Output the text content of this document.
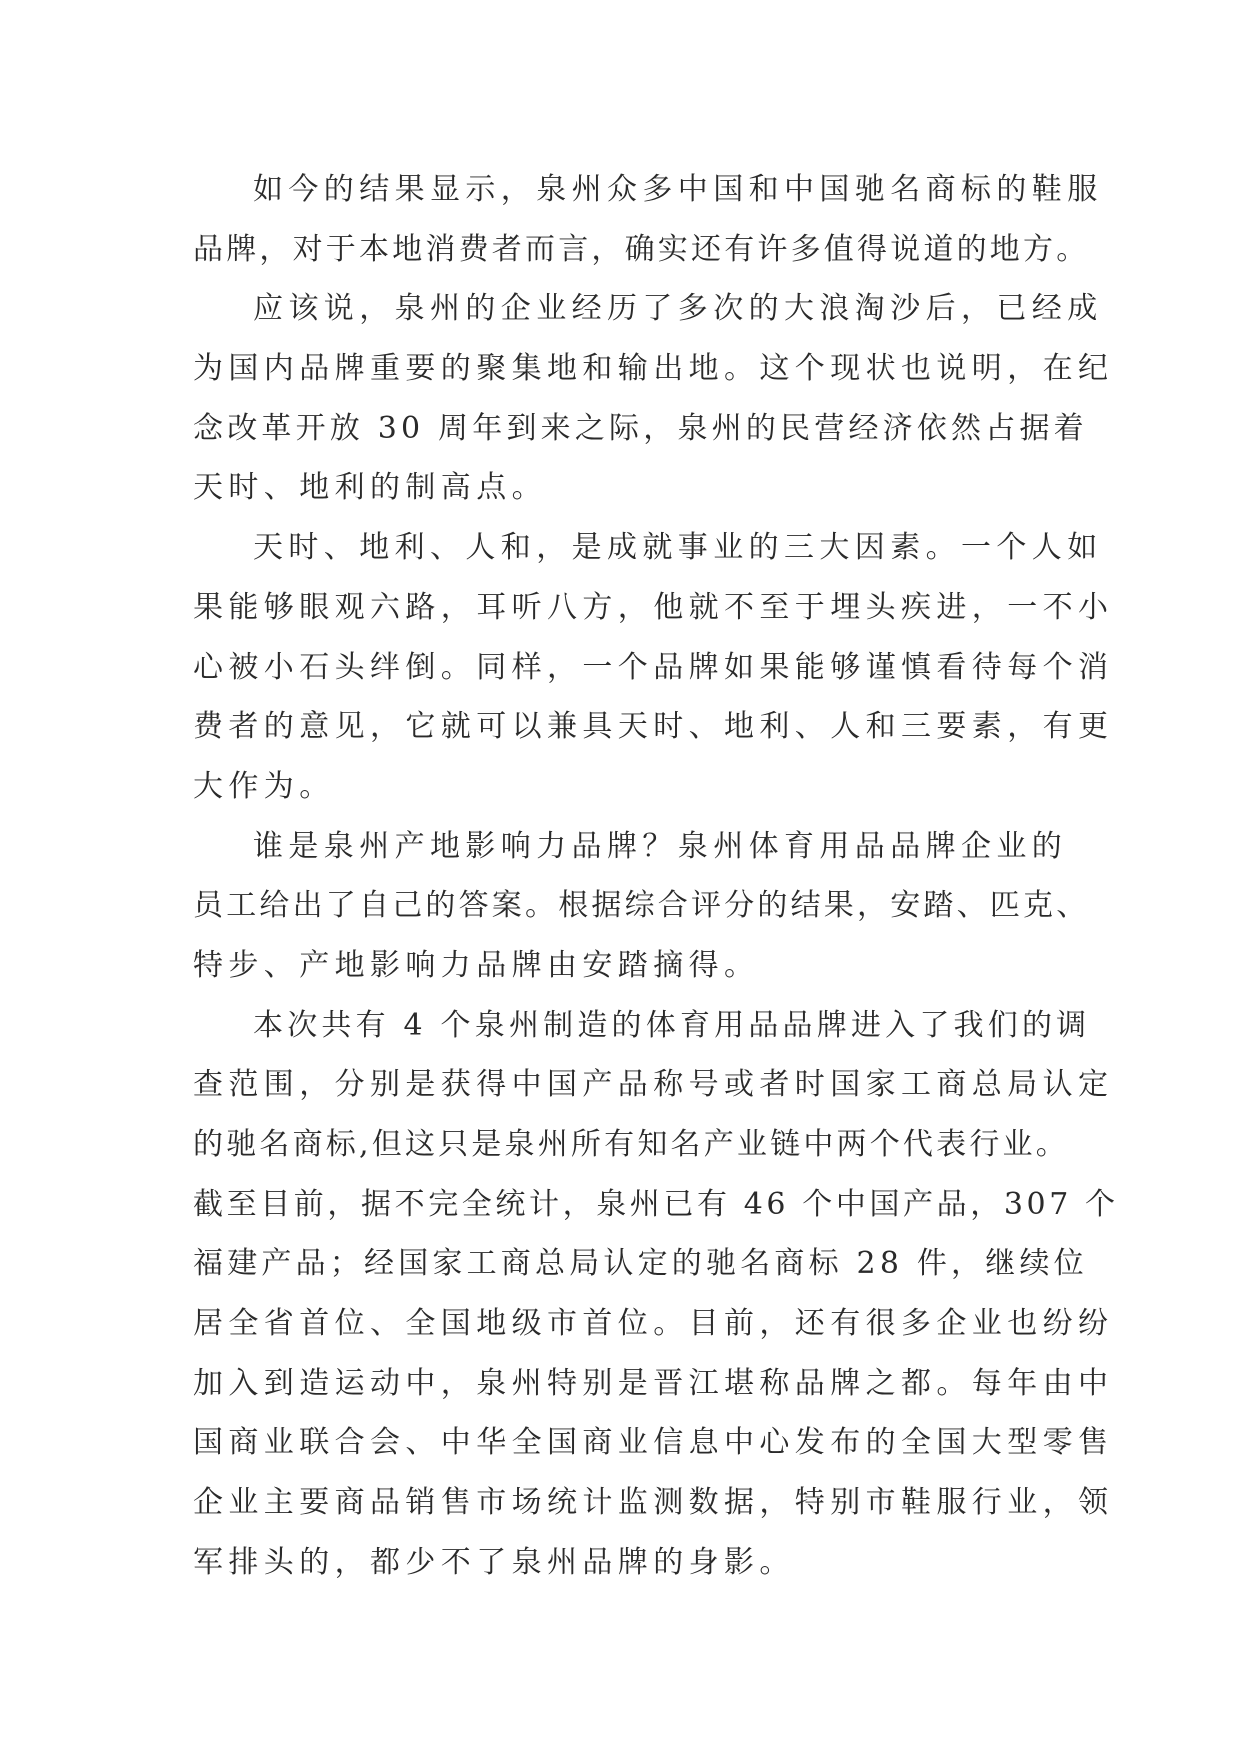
如今的结果显示，泉州众多中国和中国驰名商标的鞋服
品牌，对于本地消费者而言，确实还有许多值得说道的地方。

应该说，泉州的企业经历了多次的大浪淘沙后，已经成
为国内品牌重要的聚集地和输出地。这个现状也说明，在纪
念改革开放 30 周年到来之际，泉州的民营经济依然占据着
天时、地利的制高点。

天时、地利、人和，是成就事业的三大因素。一个人如
果能够眼观六路，耳听八方，他就不至于埋头疾进，一不小
心被小石头绊倒。同样，一个品牌如果能够谨慎看待每个消
费者的意见，它就可以兼具天时、地利、人和三要素，有更
大作为。

谁是泉州产地影响力品牌？泉州体育用品品牌企业的
员工给出了自己的答案。根据综合评分的结果，安踏、匹克、
特步、产地影响力品牌由安踏摘得。

本次共有 4 个泉州制造的体育用品品牌进入了我们的调
查范围，分别是获得中国产品称号或者时国家工商总局认定
的驰名商标,但这只是泉州所有知名产业链中两个代表行业。
截至目前，据不完全统计，泉州已有 46 个中国产品，307 个
福建产品；经国家工商总局认定的驰名商标 28 件，继续位
居全省首位、全国地级市首位。目前，还有很多企业也纷纷
加入到造运动中，泉州特别是晋江堪称品牌之都。每年由中
国商业联合会、中华全国商业信息中心发布的全国大型零售
企业主要商品销售市场统计监测数据，特别市鞋服行业，领
军排头的，都少不了泉州品牌的身影。
